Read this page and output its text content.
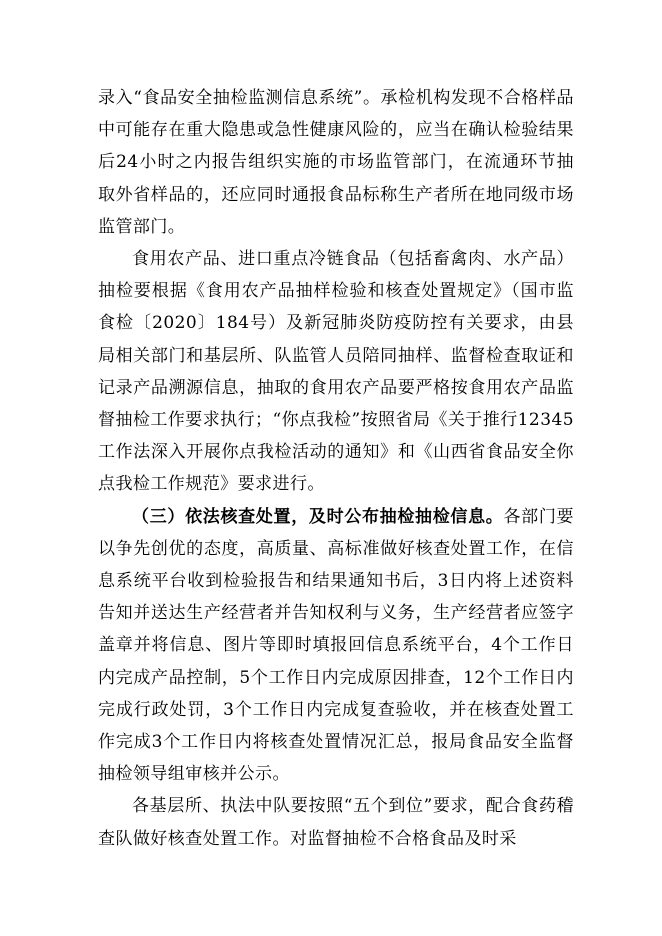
录入“食品安全抽检监测信息系统”。承检机构发现不合格样品中可能存在重大隐患或急性健康风险的，应当在确认检验结果后24小时之内报告组织实施的市场监管部门，在流通环节抽取外省样品的，还应同时通报食品标称生产者所在地同级市场监管部门。

食用农产品、进口重点冷链食品（包括畜禽肉、水产品）抽检要根据《食用农产品抽样检验和核查处置规定》（国市监食检〔2020〕184号）及新冠肺炎防疫防控有关要求，由县局相关部门和基层所、队监管人员陪同抽样、监督检查取证和记录产品溯源信息，抽取的食用农产品要严格按食用农产品监督抽检工作要求执行；“你点我检”按照省局《关于推行12345工作法深入开展你点我检活动的通知》和《山西省食品安全你点我检工作规范》要求进行。

（三）依法核查处置，及时公布抽检抽检信息。各部门要以争先创优的态度，高质量、高标准做好核查处置工作，在信息系统平台收到检验报告和结果通知书后，3日内将上述资料告知并送达生产经营者并告知权利与义务，生产经营者应签字盖章并将信息、图片等即时填报回信息系统平台，4个工作日内完成产品控制，5个工作日内完成原因排查，12个工作日内完成行政处罚，3个工作日内完成复查验收，并在核查处置工作完成3个工作日内将核查处置情况汇总，报局食品安全监督抽检领导组审核并公示。

各基层所、执法中队要按照“五个到位”要求，配合食药稽查队做好核查处置工作。对监督抽检不合格食品及时采
